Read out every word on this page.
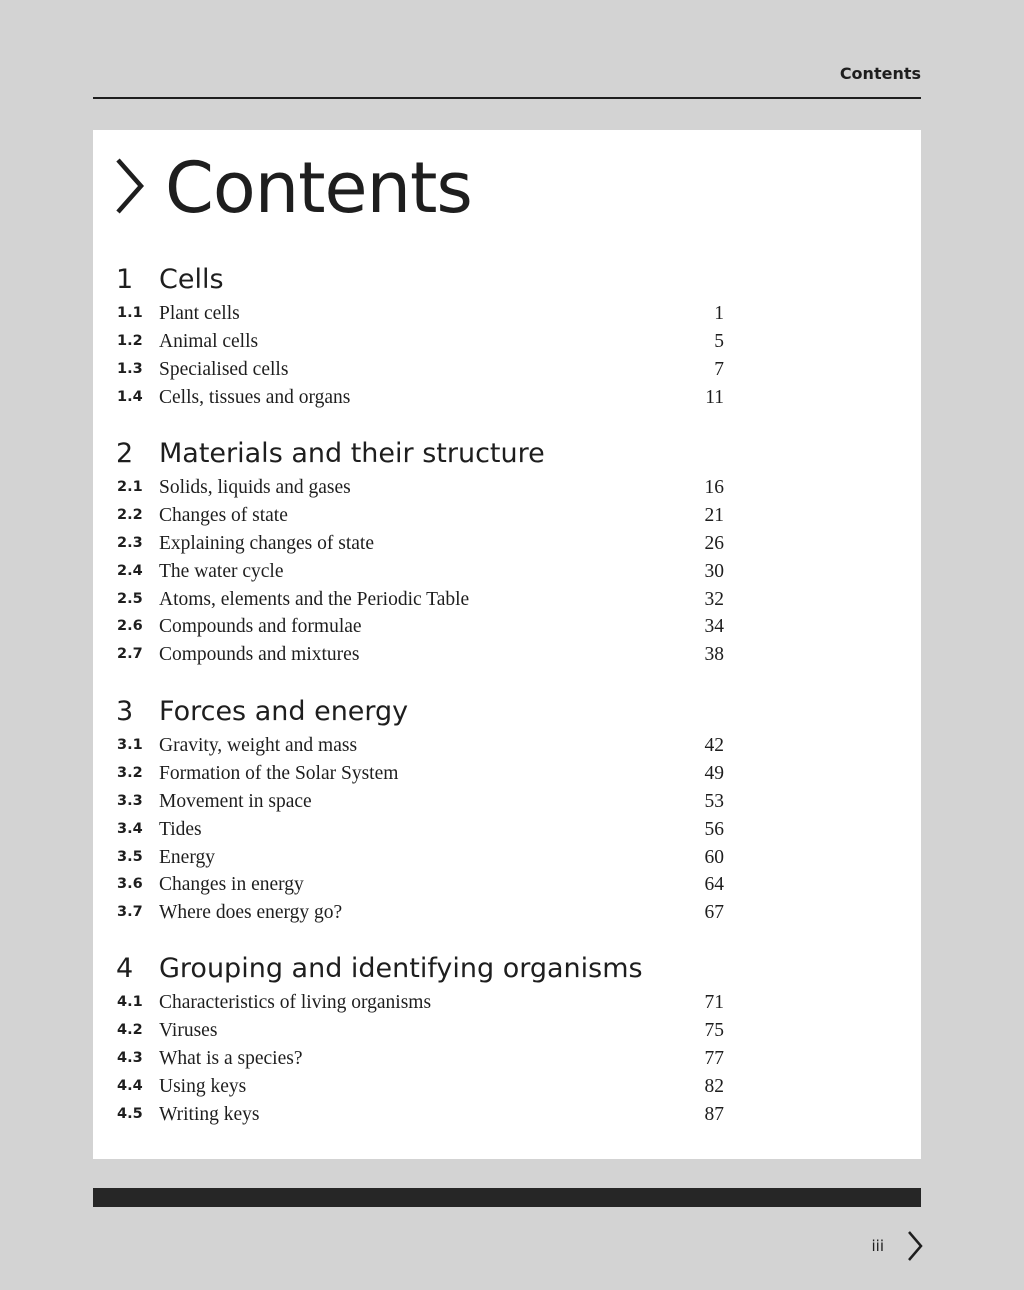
Contents
Contents
1 Cells
1.1 Plant cells	1
1.2 Animal cells	5
1.3 Specialised cells	7
1.4 Cells, tissues and organs	11
2 Materials and their structure
2.1 Solids, liquids and gases	16
2.2 Changes of state	21
2.3 Explaining changes of state	26
2.4 The water cycle	30
2.5 Atoms, elements and the Periodic Table	32
2.6 Compounds and formulae	34
2.7 Compounds and mixtures	38
3 Forces and energy
3.1 Gravity, weight and mass	42
3.2 Formation of the Solar System	49
3.3 Movement in space	53
3.4 Tides	56
3.5 Energy	60
3.6 Changes in energy	64
3.7 Where does energy go?	67
4 Grouping and identifying organisms
4.1 Characteristics of living organisms	71
4.2 Viruses	75
4.3 What is a species?	77
4.4 Using keys	82
4.5 Writing keys	87
iii
